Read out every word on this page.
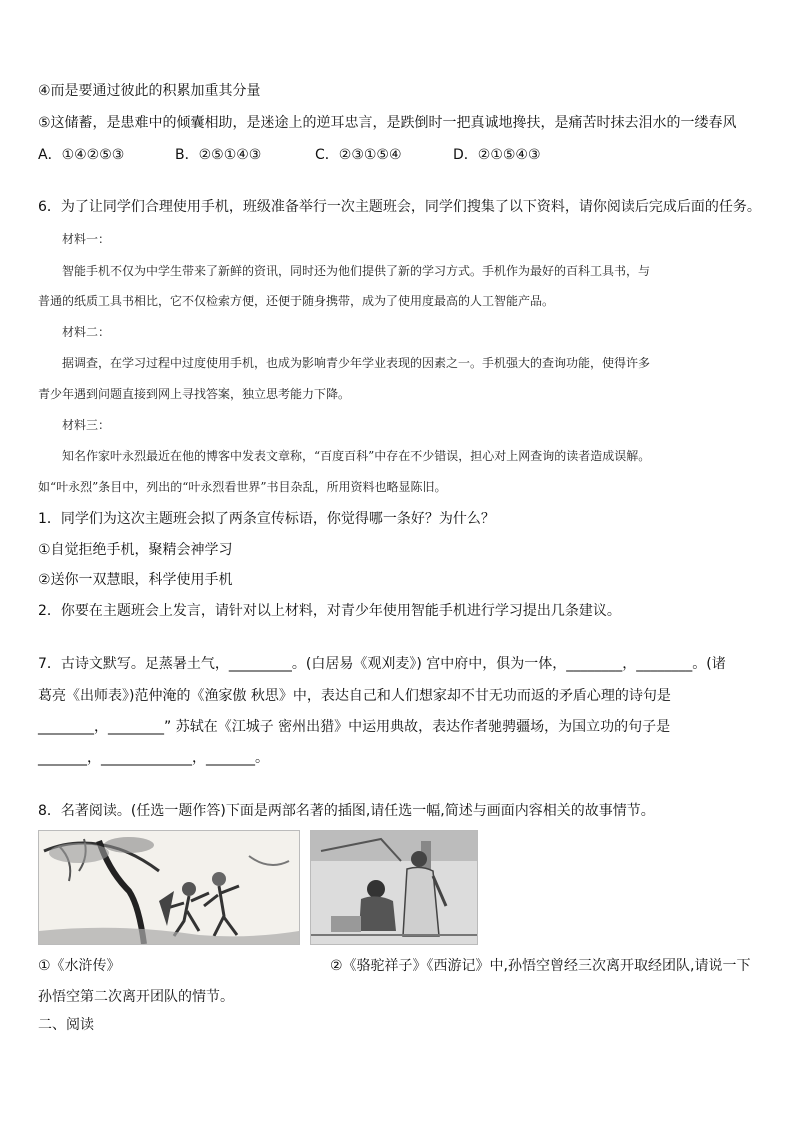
④而是要通过彼此的积累加重其分量
⑤这储蓄，是患难中的倾囊相助，是迷途上的逆耳忠言，是跌倒时一把真诚地搀扶，是痛苦时抹去泪水的一缕春风
A．①④②⑤③	B．②⑤①④③	C．②③①⑤④	D．②①⑤④③
6．为了让同学们合理使用手机，班级准备举行一次主题班会，同学们搜集了以下资料，请你阅读后完成后面的任务。
材料一：
智能手机不仅为中学生带来了新鲜的资讯，同时还为他们提供了新的学习方式。手机作为最好的百科工具书，与
普通的纸质工具书相比，它不仅检索方便，还便于随身携带，成为了使用度最高的人工智能产品。
材料二：
据调查，在学习过程中过度使用手机，也成为影响青少年学业表现的因素之一。手机强大的查询功能，使得许多
青少年遇到问题直接到网上寻找答案，独立思考能力下降。
材料三：
知名作家叶永烈最近在他的博客中发表文章称，“百度百科”中存在不少错误，担心对上网查询的读者造成误解。
如“叶永烈”条目中，列出的“叶永烈看世界”书目杂乱，所用资料也略显陈旧。
1．同学们为这次主题班会拟了两条宣传标语，你觉得哪一条好？为什么？
①自觉拒绝手机，聚精会神学习
②送你一双慧眼，科学使用手机
2．你要在主题班会上发言，请针对以上材料，对青少年使用智能手机进行学习提出几条建议。
7．古诗文默写。足蒸暑土气，_________。(白居易《观刈麦》) 宫中府中，俱为一体，________，________。(诸
葛亮《出师表》)范仲淹的《渔家傲 秋思》中，表达自己和人们想家却不甘无功而返的矛盾心理的诗句是
________，________” 苏轼在《江城子 密州出猎》中运用典故，表达作者驰骋疆场，为国立功的句子是
_______，_____________，_______。
8．名著阅读。(任选一题作答)下面是两部名著的插图,请任选一幅,简述与画面内容相关的故事情节。
①《水浒传》	②《骆驼祥子》《西游记》中,孙悟空曾经三次离开取经团队,请说一下
孙悟空第二次离开团队的情节。
二、阅读
